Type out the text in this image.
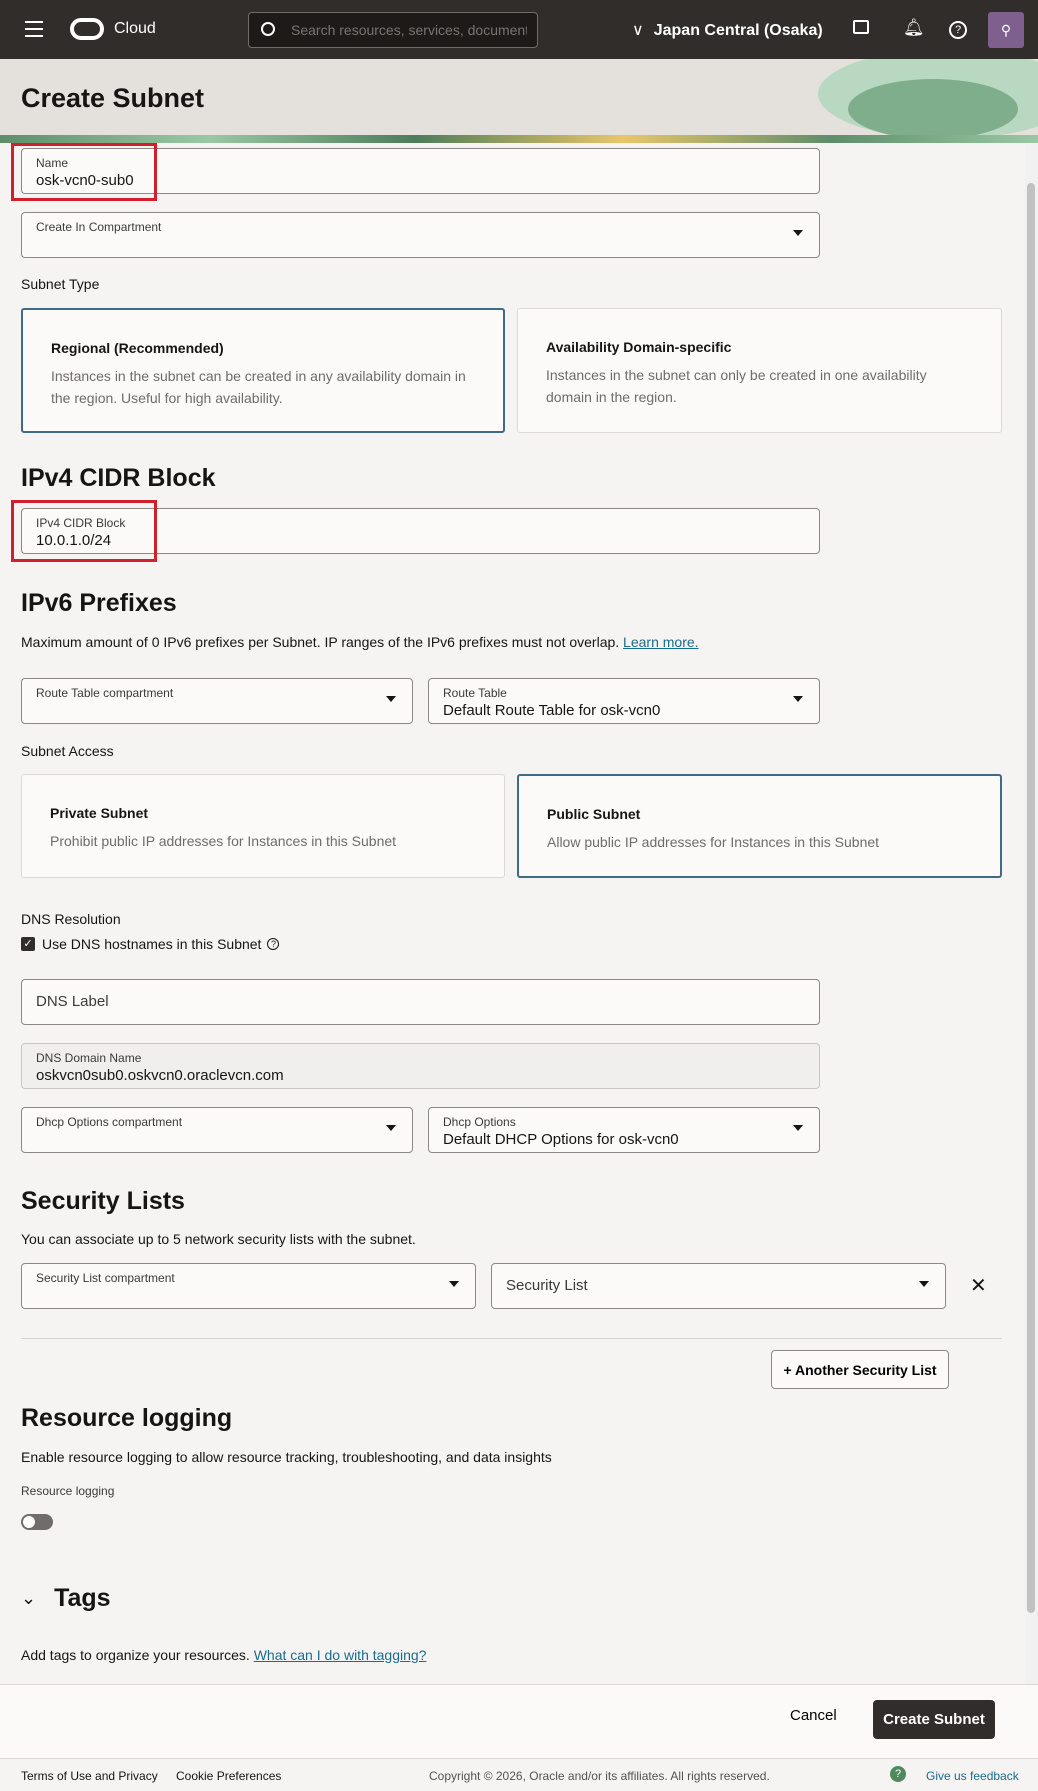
Cloud
Search resources, services, documentation	∨ Japan Central (Osaka)	🔔︎	?	⚲
Create Subnet
Name
osk-vcn0-sub0
Create In Compartment
Subnet Type
Regional (Recommended)
Instances in the subnet can be created in any availability domain in the region. Useful for high availability.
Availability Domain-specific
Instances in the subnet can only be created in one availability domain in the region.
IPv4 CIDR Block
IPv4 CIDR Block
10.0.1.0/24
IPv6 Prefixes
Maximum amount of 0 IPv6 prefixes per Subnet. IP ranges of the IPv6 prefixes must not overlap. Learn more.
Route Table compartment	Route Table
Default Route Table for osk-vcn0
Subnet Access
Private Subnet
Prohibit public IP addresses for Instances in this Subnet
Public Subnet
Allow public IP addresses for Instances in this Subnet
DNS Resolution
✓ Use DNS hostnames in this Subnet	?
DNS Label
DNS Domain Name
oskvcn0sub0.oskvcn0.oraclevcn.com
Dhcp Options compartment	Dhcp Options
Default DHCP Options for osk-vcn0
Security Lists
You can associate up to 5 network security lists with the subnet.
Security List compartment	Security List	✕
+ Another Security List
Resource logging
Enable resource logging to allow resource tracking, troubleshooting, and data insights
Resource logging
⌄ Tags
Add tags to organize your resources. What can I do with tagging?
Cancel	Create Subnet
Terms of Use and Privacy Cookie Preferences	Copyright © 2026, Oracle and/or its affiliates. All rights reserved.	?	Give us feedback
